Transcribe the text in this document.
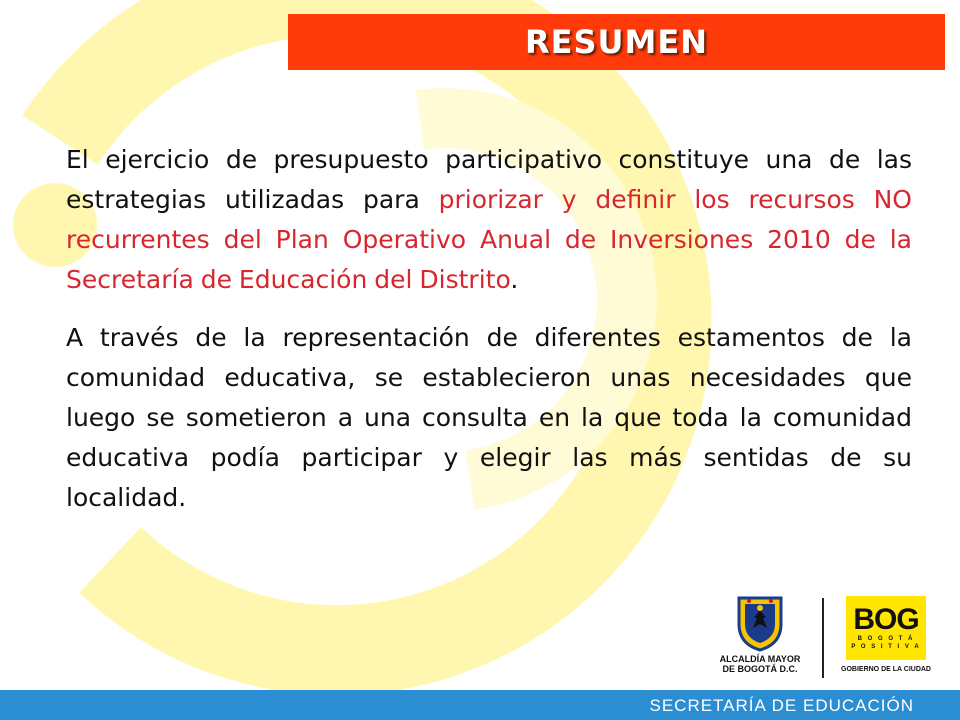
RESUMEN

El ejercicio de presupuesto participativo constituye una de las estrategias utilizadas para priorizar y definir los recursos NO recurrentes del Plan Operativo Anual de Inversiones 2010 de la Secretaría de Educación del Distrito.

A través de la representación de diferentes estamentos de la comunidad educativa, se establecieron unas necesidades que luego se sometieron a una consulta en la que toda la comunidad educativa podía participar y elegir las más sentidas de su localidad.

ALCALDÍA MAYOR
DE BOGOTÁ D.C.
BOG
B O G O T Á
P O S I T I V A
GOBIERNO DE LA CIUDAD
SECRETARÍA DE EDUCACIÓN
